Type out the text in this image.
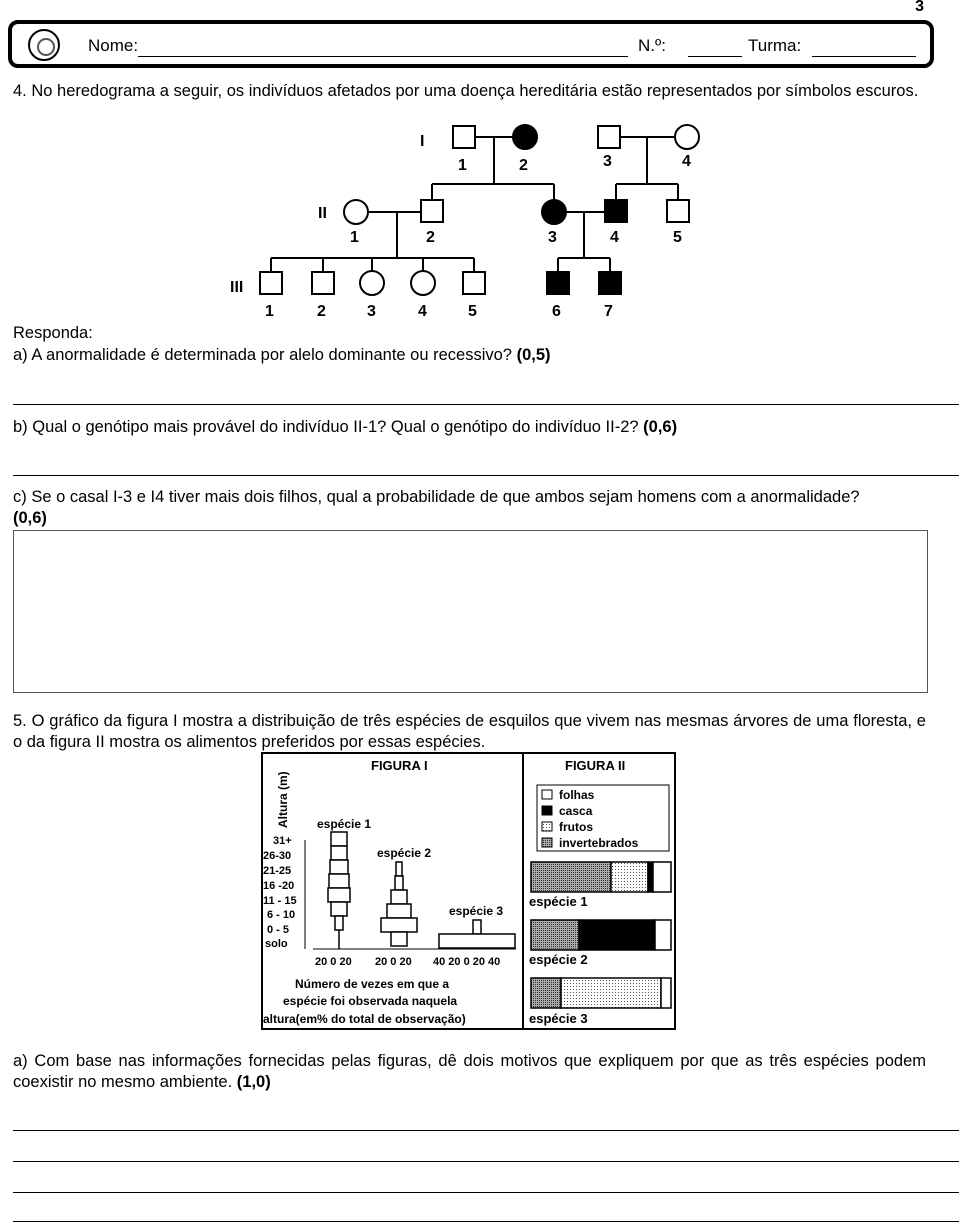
3
Nome:	N.º:	Turma:
4. No heredograma a seguir, os indivíduos afetados por uma doença hereditária estão representados por símbolos escuros.
I
II
III
1	2	3	4
1	2	3	4	5
1	2	3	4	5	6	7
Responda:
a) A anormalidade é determinada por alelo dominante ou recessivo? (0,5)
b) Qual o genótipo mais provável do indivíduo II-1? Qual o genótipo do indivíduo II-2? (0,6)
c) Se o casal I-3 e I4 tiver mais dois filhos, qual a probabilidade de que ambos sejam homens com a anormalidade?
(0,6)
5. O gráfico da figura I mostra a distribuição de três espécies de esquilos que vivem nas mesmas árvores de uma floresta, e o da figura II mostra os alimentos preferidos por essas espécies.
FIGURA I	FIGURA II
Altura (m)
31+
26-30
21-25
16 -20
11 - 15
6 - 10
0 - 5
solo
espécie 1
espécie 2
espécie 3
20 0 20 20 0 20 40 20 0 20 40
Número de vezes em que a
espécie foi observada naquela
altura(em% do total de observação)
folhas
casca
frutos
invertebrados
espécie 1
espécie 2
espécie 3
a) Com base nas informações fornecidas pelas figuras, dê dois motivos que expliquem por que as três espécies podem coexistir no mesmo ambiente. (1,0)
